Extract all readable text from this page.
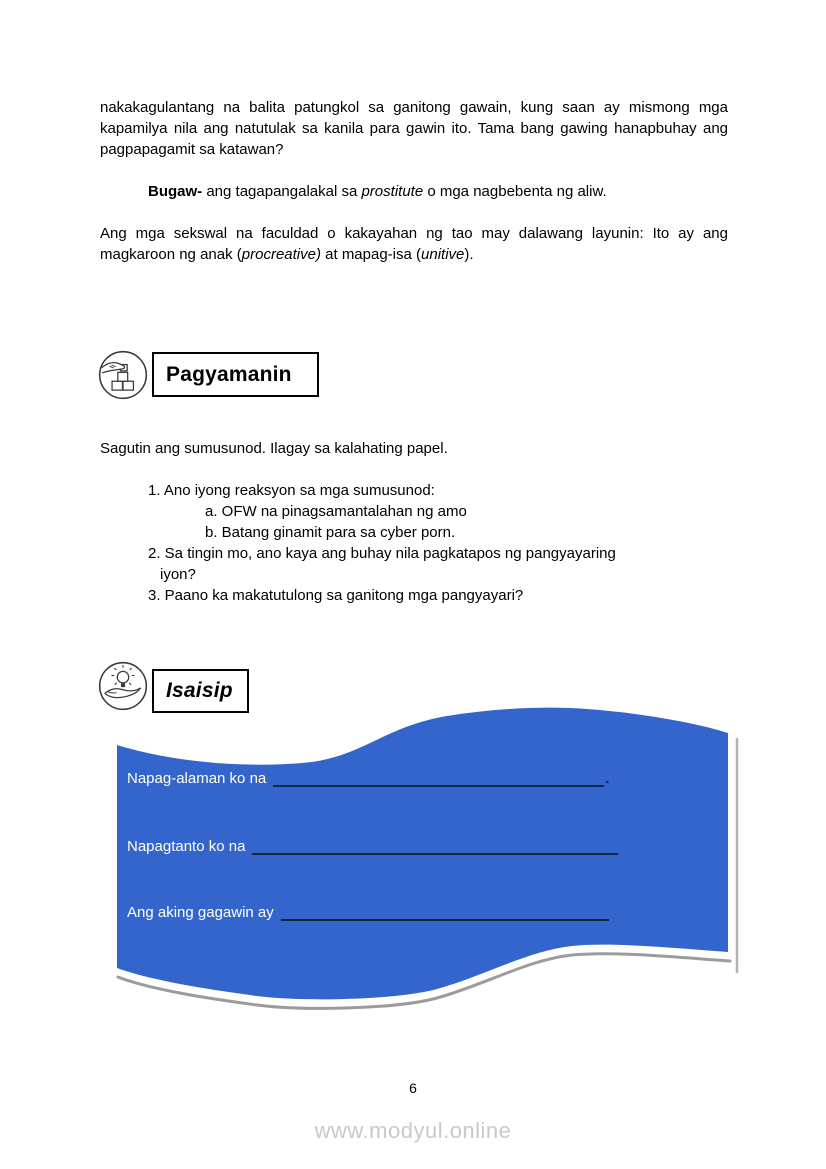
nakakagulantang na balita patungkol sa ganitong gawain, kung saan ay mismong mga kapamilya nila ang natutulak sa kanila para gawin ito. Tama bang gawing hanapbuhay ang pagpapagamit sa katawan?
Bugaw- ang tagapangalakal sa prostitute o mga nagbebenta ng aliw.
Ang mga sekswal na faculdad o kakayahan ng tao may dalawang layunin: Ito ay ang magkaroon ng anak (procreative) at mapag-isa (unitive).
Pagyamanin
Sagutin ang sumusunod. Ilagay sa kalahating papel.
1. Ano iyong reaksyon sa mga sumusunod:
a. OFW na pinagsamantalahan ng amo
b. Batang ginamit para sa cyber porn.
2. Sa tingin mo, ano kaya ang buhay nila pagkatapos ng pangyayaring
iyon?
3. Paano ka makatutulong sa ganitong mga pangyayari?
Isaisip
Napag-alaman ko na	.
Napagtanto ko na
Ang aking gagawin ay
6
www.modyul.online
